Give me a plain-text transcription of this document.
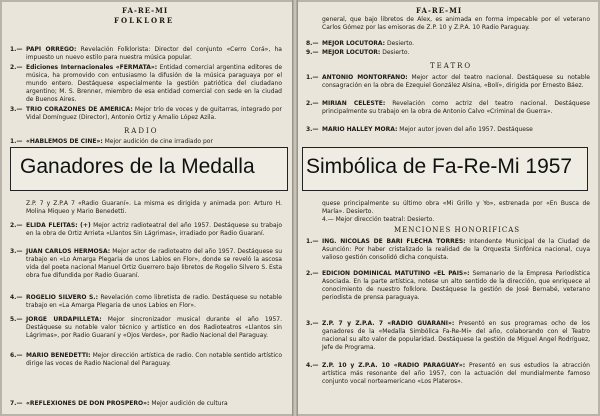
FA-RE-MI
FOLKLORE
1.— PAPI ORREGO: Revelación Folklorista: Director del conjunto «Cerro Corá», ha impuesto un nuevo estilo para nuestra música popular.
2.— Ediciones Internacionales «FERMATA»: Entidad comercial argentina editores de música, ha promovido con entusiasmo la difusión de la música paraguaya por el mundo entero. Destáquese especialmente la gestión patriótica del ciudadano argentino; M. S. Brenner, miembro de esa entidad comercial con sede en la ciudad de Buenos Aires.
3.— TRIO CORAZONES DE AMERICA: Mejor trío de voces y de guitarras, integrado por Vidal Domínguez (Director), Antonio Ortiz y Amalio López Azila.
RADIO
1.— «HABLEMOS DE CINE»: Mejor audición de cine irradiado por
Z.P. 7 y Z.P.A 7 «Radio Guaraní». La misma es dirigida y animada por: Arturo H. Molina Miqueo y Mario Benedetti.
2.— ELIDA FLEITAS: (+) Mejor actriz radioteatral del año 1957. Destáquese su trabajo en la obra de Ortiz Arrieta «Llantos Sin Lágrimas», irradiado por Radio Guaraní.
3.— JUAN CARLOS HERMOSA: Mejor actor de radioteatro del año 1957. Destáquese su trabajo en «Lo Amarga Plegaria de unos Labios en Flor», donde se reveló la ascosa vida del poeta nacional Manuel Ortiz Guerrero bajo libretos de Rogelio Silvero S. Esta obra fue difundida por Radio Guaraní.
4.— ROGELIO SILVERO S.: Revelación como libretista de radio. Destáquese su notable trabajo en «La Amarga Plegaria de unos Labios en Flor».
5.— JORGE URDAPILLETA: Mejor sincronizador musical durante el año 1957. Destáquese su notable valor técnico y artístico en dos Radioteatros «Llantos sin Lágrimas», por Radio Guaraní y «Ojos Verdes», por Radio Nacional del Paraguay.
6.— MARIO BENEDETTI: Mejor dirección artística de radio. Con notable sentido artístico dirige las voces de Radio Nacional del Paraguay.
7.— «REFLEXIONES DE DON PROSPERO»: Mejor audición de cultura
FA-RE-MI
general, que bajo libretos de Alex, es animada en forma impecable por el veterano Carlos Gómez por las emisoras de Z.P. 10 y Z.P.A. 10 Radio Paraguay.
8.— MEJOR LOCUTORA: Desierto.
9.— MEJOR LOCUTOR: Desierto.
TEATRO
1.— ANTONIO MONTORFANO: Mejor actor del teatro nacional. Destáquese su notable consagración en la obra de Ezequiel González Alsina, «Bolí», dirigida por Ernesto Báez.
2.— MIRIAN CELESTE: Revelación como actriz del teatro nacional. Destáquese principalmente su trabajo en la obra de Antonio Calvo «Criminal de Guerra».
3.— MARIO HALLEY MORA: Mejor autor joven del año 1957. Destáquese
quese principalmente su último obra «Mi Grillo y Yo», estrenada por «En Busca de María». Desierto.
4.— Mejor dirección teatral: Desierto.
MENCIONES HONORIFICAS
1.— ING. NICOLAS DE BARI FLECHA TORRES: Intendente Municipal de la Ciudad de Asunción: Por haber cristalizado la realidad de la Orquesta Sinfónica nacional, cuya valioso gestión consolidó dicha conquista.
2.— EDICION DOMINICAL MATUTINO «EL PAIS»: Semanario de la Empresa Periodística Asociada. En la parte artística, notese un alto sentido de la dirección, que enriquece al conocimiento de nuestro folklore. Destáquese la gestión de José Bernabé, veterano periodista de prensa paraguaya.
3.— Z.P. 7 y Z.P.A. 7 «RADIO GUARANI»: Presentó en sus programas ocho de los ganadores de la «Medalla Simbólica Fa-Re-Mi» del año, colaborando con el Teatro nacional su alto valor de popularidad. Destáquese la gestión de Miguel Angel Rodríguez, Jefe de Programa.
4.— Z.P. 10 y Z.P.A. 10 «RADIO PARAGUAY»: Presentó en sus estudios la atracción artística más resonante del año 1957, con la actuación del mundialmente famoso conjunto vocal norteamericano «Los Plateros».
Ganadores de la Medalla Simbólica de Fa-Re-Mi 1957
